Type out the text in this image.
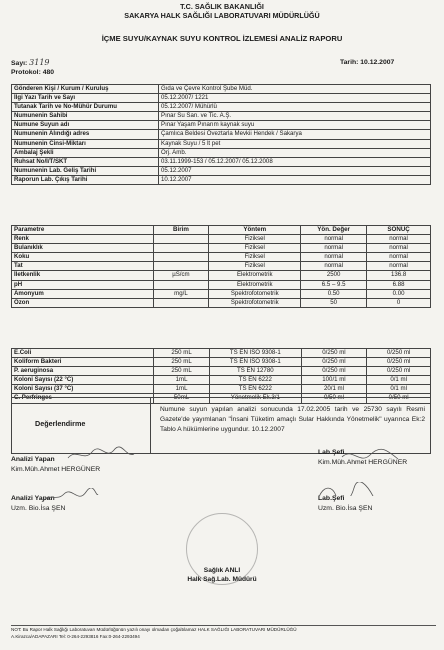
T.C. SAĞLIK BAKANLIĞI
SAKARYA HALK SAĞLIĞI LABORATUVARI MÜDÜRLÜĞÜ
İÇME SUYU/KAYNAK SUYU KONTROL İZLEMESİ ANALİZ RAPORU
Sayı: 3119
Protokol: 480
Tarih: 10.12.2007
Gönderen Kişi / Kurum / Kuruluş	Gıda ve Çevre Kontrol Şube Müd.
İlgi Yazı Tarih ve Sayı	05.12.2007/ 1221
Tutanak Tarih ve No-Mühür Durumu	05.12.2007/ Mühürlü
Numunenin Sahibi	Pınar Su San. ve Tic. A.Ş.
Numune Suyun adı	Pınar Yaşam Pınarım kaynak suyu
Numunenin Alındığı adres	Çamlıca Beldesi Öveztarla Mevkii Hendek / Sakarya
Numunenin Cinsi-Miktarı	Kaynak Suyu / 5 lt pet
Ambalaj Şekli	Orj. Amb.
Ruhsat No/İ/T/SKT	03.11.1999-153 / 05.12.2007/ 05.12.2008
Numunenin Lab. Geliş Tarihi	05.12.2007
Raporun Lab. Çıkış Tarihi	10.12.2007
Parametre	Birim	Yöntem	Yön. Değer	SONUÇ
Renk		Fiziksel	normal	normal
Bulanıklık		Fiziksel	normal	normal
Koku		Fiziksel	normal	normal
Tat		Fiziksel	normal	normal
İletkenlik	µS/cm	Elektrometrik	2500	136.8
pH		Elektrometrik	6.5 – 9.5	6.88
Amonyum	mg/L	Spektrofotometrik	0.50	0.00
Ozon		Spektrofotometrik	50	0
E.Coli	250 mL	TS EN ISO 9308-1	0/250 ml	0/250 ml
Koliform Bakteri	250 mL	TS EN ISO 9308-1	0/250 ml	0/250 ml
P. aeruginosa	250 mL	TS EN 12780	0/250 ml	0/250 ml
Koloni Sayısı (22 °C)	1mL	TS EN 6222	100/1 ml	0/1 ml
Koloni Sayısı (37 °C)	1mL	TS EN 6222	20/1 ml	0/1 ml
C. Perfringes	50mL	Yönetmelik Ek.3/1	0/50 ml	0/50 ml
Değerlendirme
Numune suyun yapılan analizi sonucunda 17.02.2005 tarih ve 25730 sayılı Resmi Gazete'de yayımlanan "İnsani Tüketim amaçlı Sular Hakkında Yönetmelik" uyarınca Ek:2 Tablo A hükümlerine uygundur. 10.12.2007
Analizi Yapan
Kim.Müh.Ahmet HERGÜNER
Lab.Şefi
Kim.Müh.Ahmet HERGÜNER
Analizi Yapan
Uzm. Bio.İsa ŞEN
Lab.Şefi
Uzm. Bio.İsa ŞEN
Sağlık ANLI
Halk Sağ.Lab. Müdürü
NOT: Bu Rapor Halk Sağlığı Laboratuvarı Müdürlüğünün yazılı onayı olmadan çoğaltılamaz HALK SAĞLIĞI LABORATUVARI MÜDÜRLÜĞÜ
A.Kirazca/ADAPAZARI Tel: 0-264-2293816 Fax:0-264-2293494
